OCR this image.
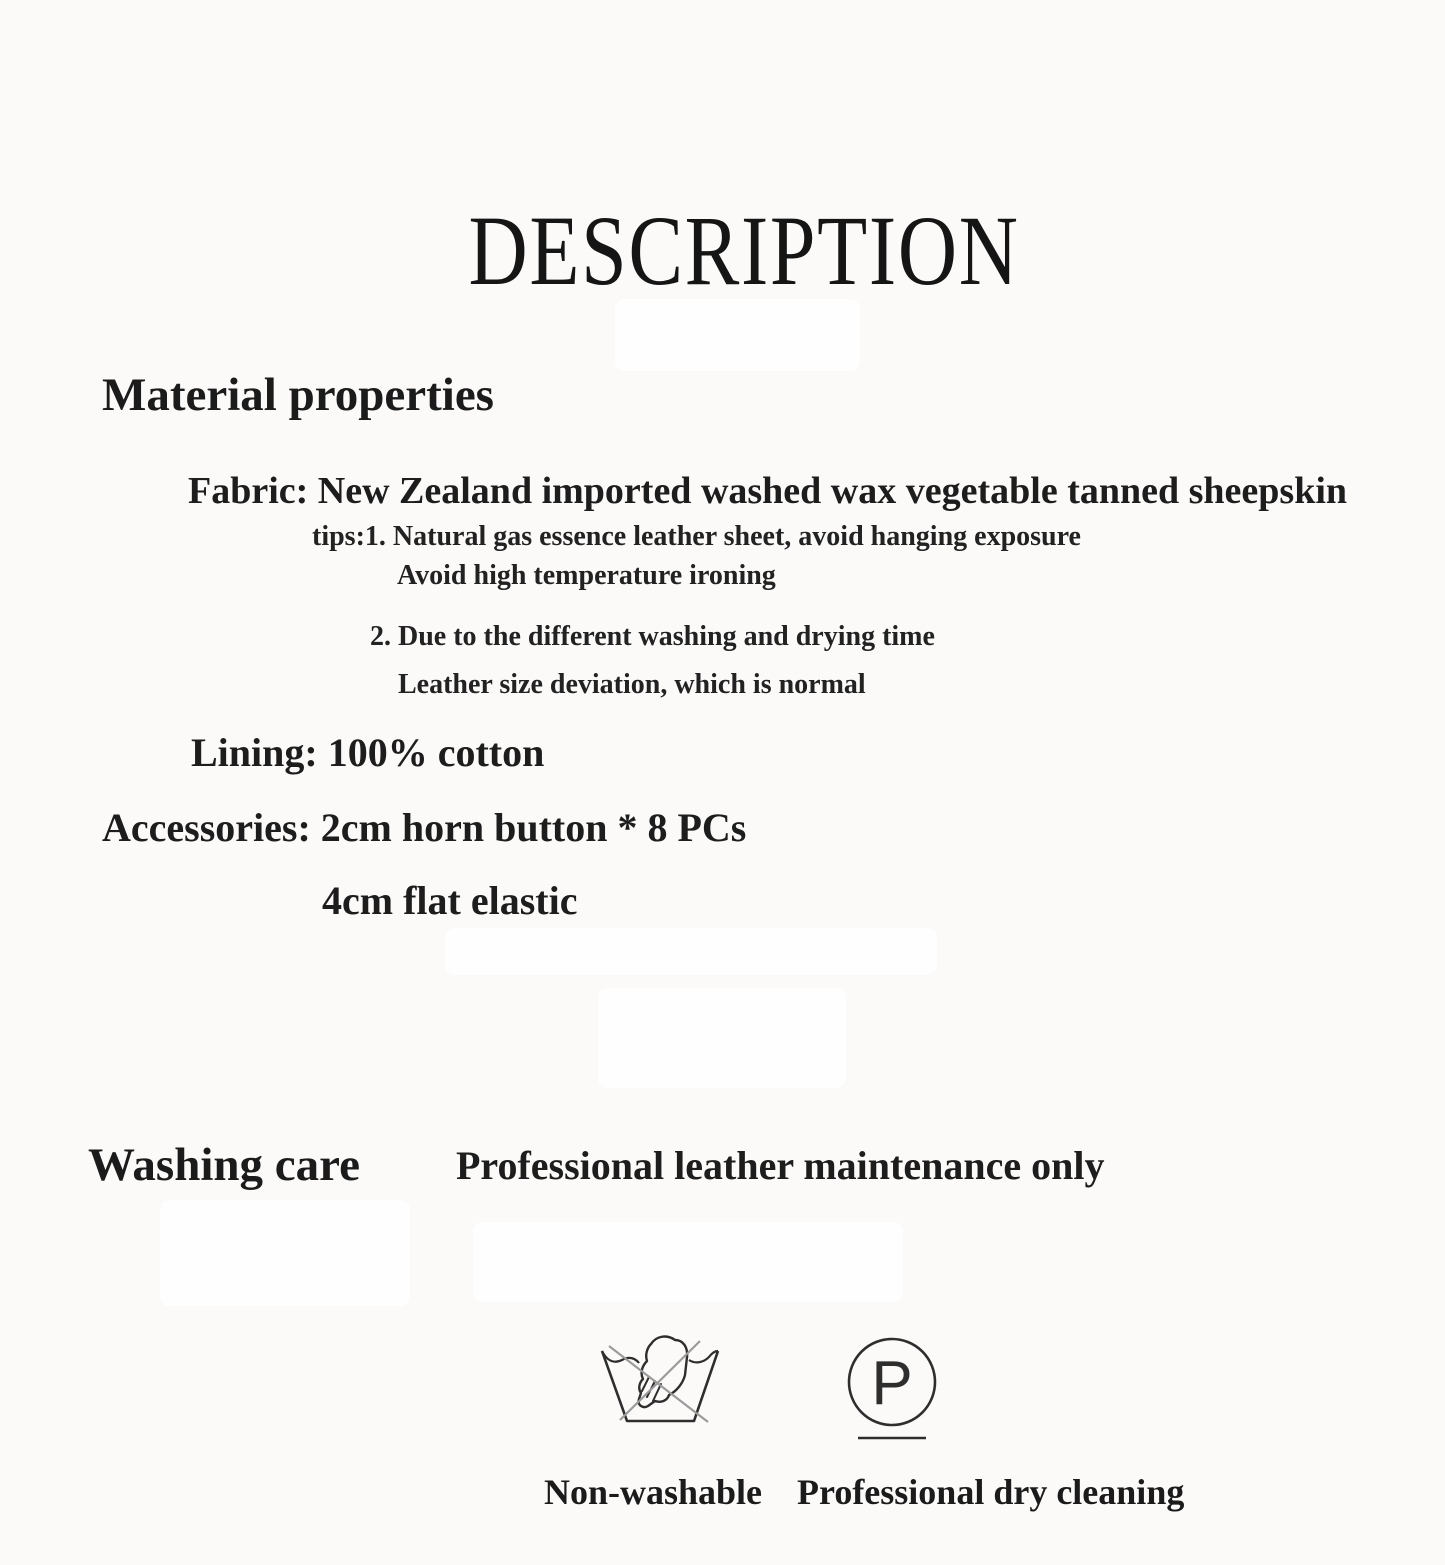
DESCRIPTION
Material properties
Fabric: New Zealand imported washed wax vegetable tanned sheepskin
tips:1. Natural gas essence leather sheet, avoid hanging exposure
Avoid high temperature ironing
2. Due to the different washing and drying time
Leather size deviation, which is normal
Lining: 100% cotton
Accessories: 2cm horn button * 8 PCs
4cm flat elastic
Washing care Professional leather maintenance only
P
Non-washable Professional dry cleaning
